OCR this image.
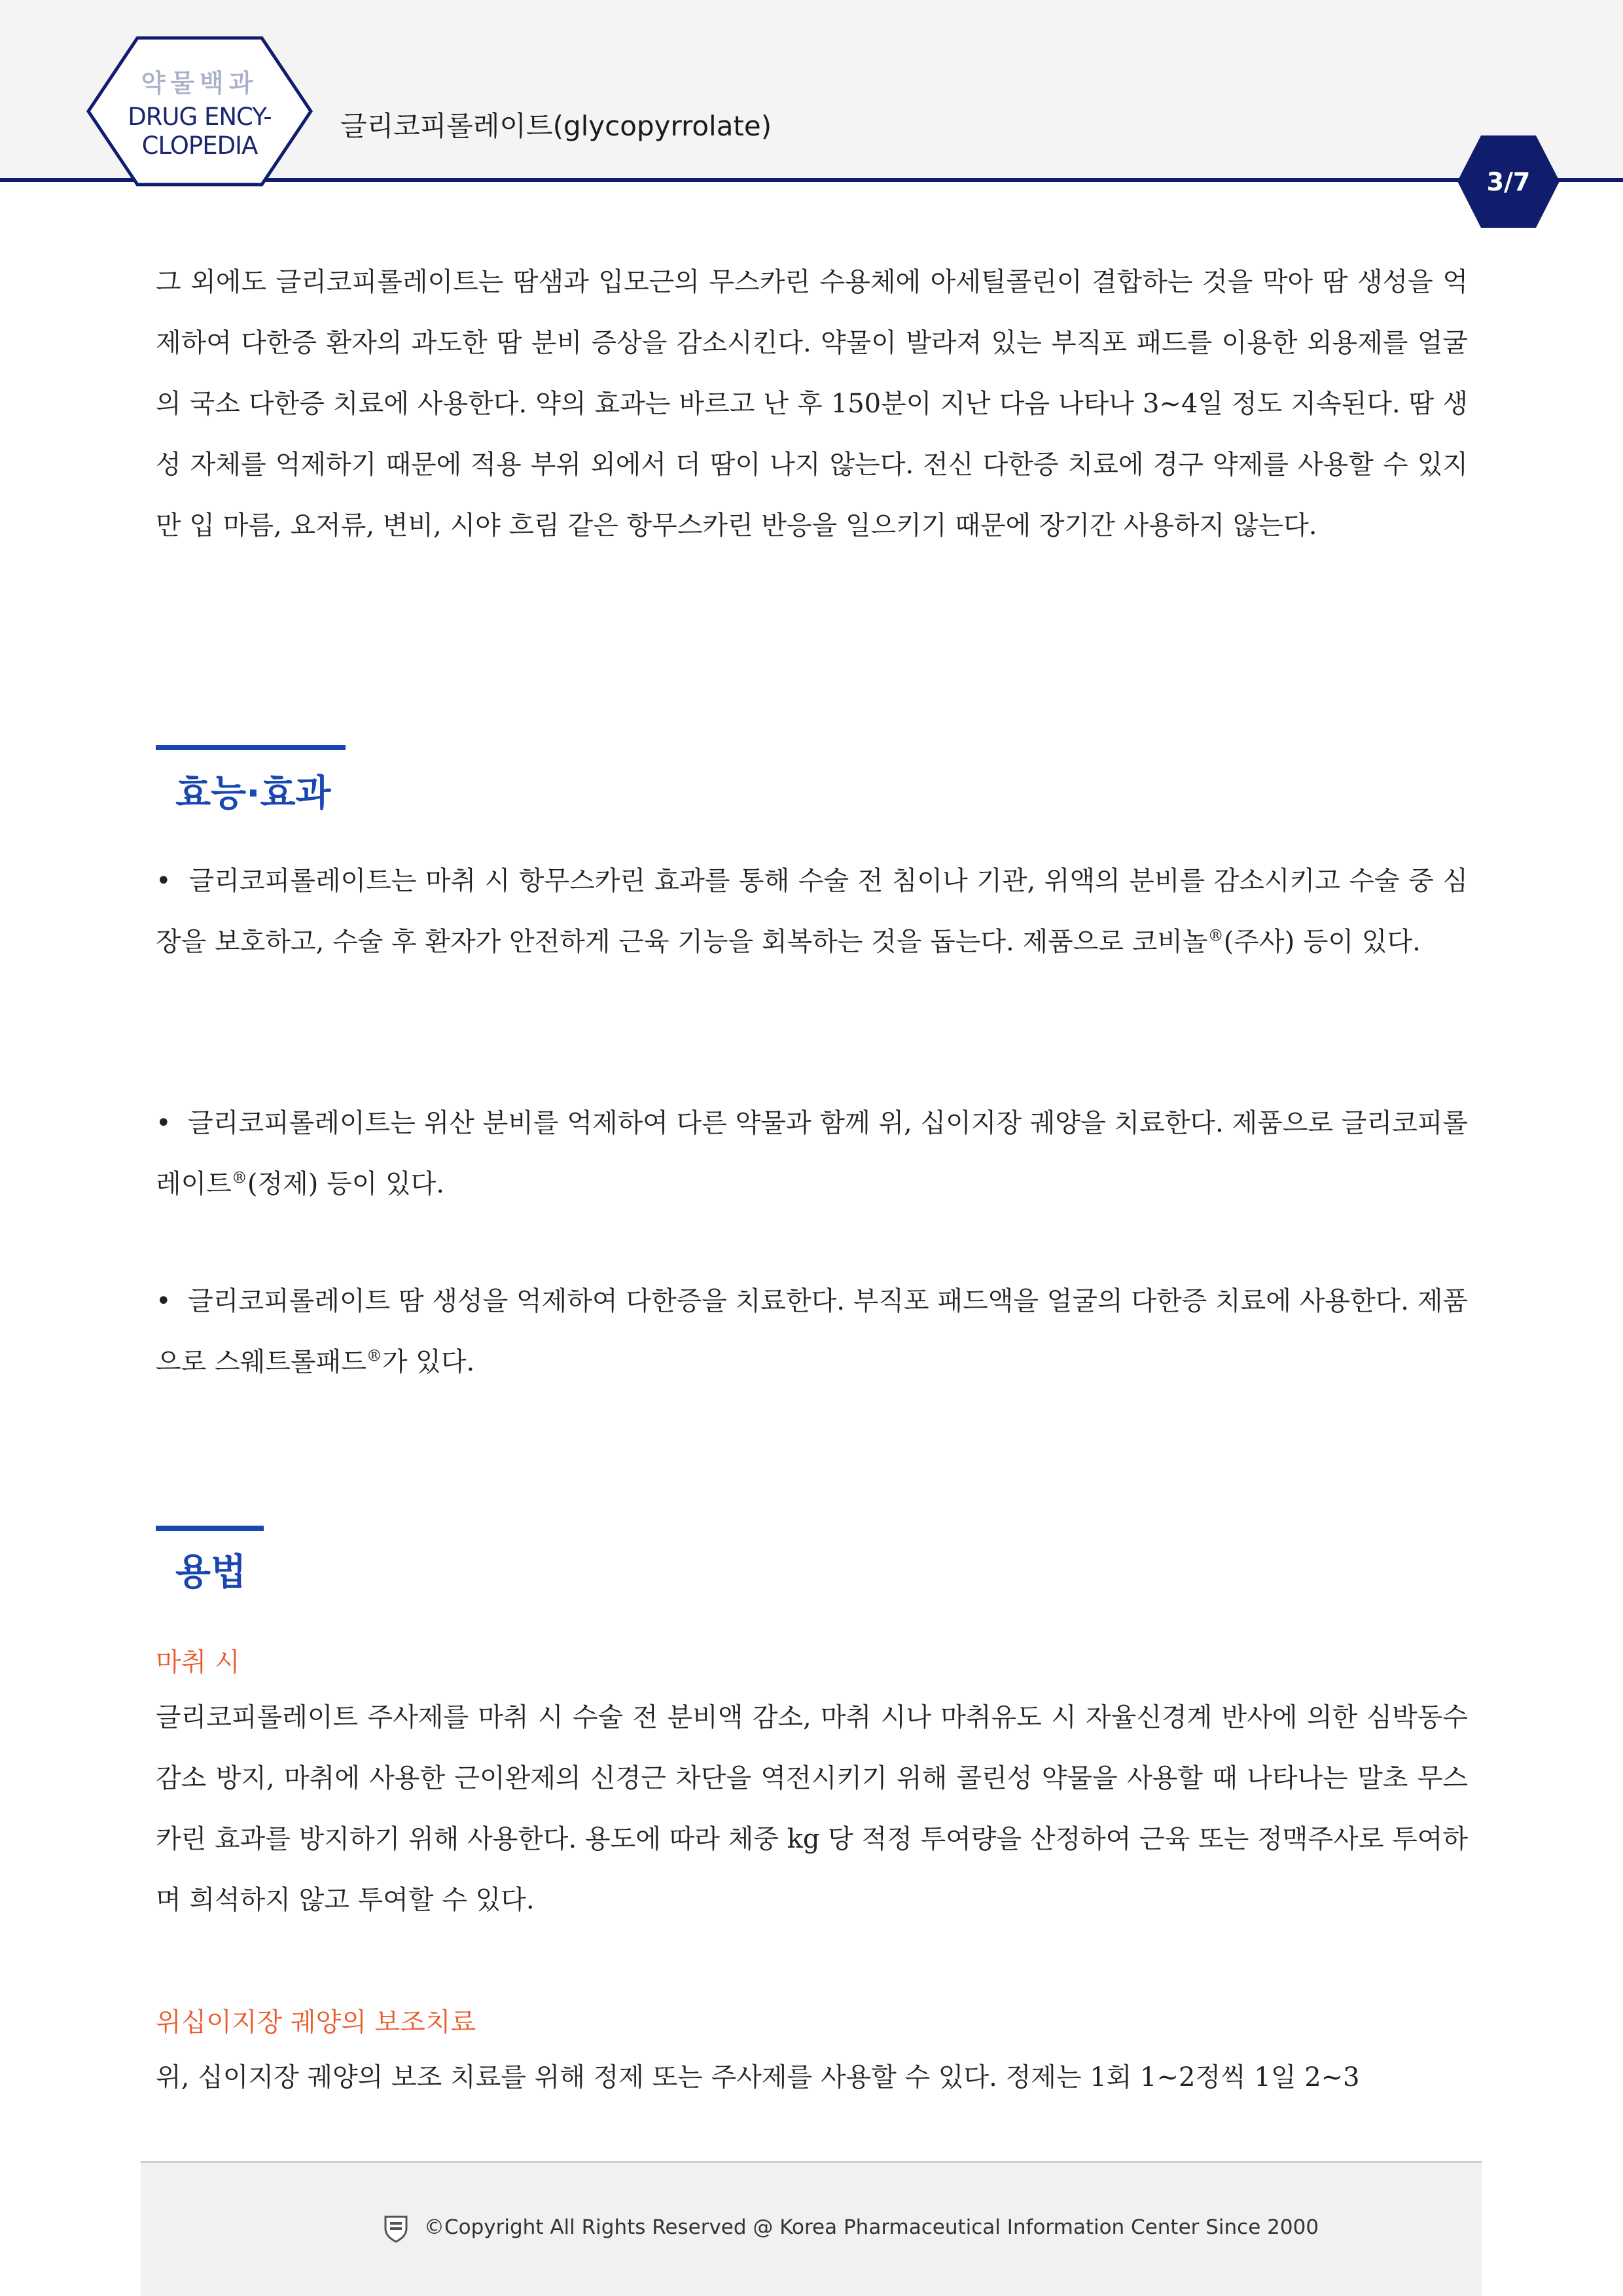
약물백과
DRUG ENCY-
CLOPEDIA
글리코피롤레이트(glycopyrrolate)
3/7

그 외에도 글리코피롤레이트는 땀샘과 입모근의 무스카린 수용체에 아세틸콜린이 결합하는 것을 막아 땀 생성을 억제하여 다한증 환자의 과도한 땀 분비 증상을 감소시킨다. 약물이 발라져 있는 부직포 패드를 이용한 외용제를 얼굴의 국소 다한증 치료에 사용한다. 약의 효과는 바르고 난 후 150분이 지난 다음 나타나 3~4일 정도 지속된다. 땀 생성 자체를 억제하기 때문에 적용 부위 외에서 더 땀이 나지 않는다. 전신 다한증 치료에 경구 약제를 사용할 수 있지만 입 마름, 요저류, 변비, 시야 흐림 같은 항무스카린 반응을 일으키기 때문에 장기간 사용하지 않는다.

효능·효과

• 글리코피롤레이트는 마취 시 항무스카린 효과를 통해 수술 전 침이나 기관, 위액의 분비를 감소시키고 수술 중 심장을 보호하고, 수술 후 환자가 안전하게 근육 기능을 회복하는 것을 돕는다. 제품으로 코비놀®(주사) 등이 있다.

• 글리코피롤레이트는 위산 분비를 억제하여 다른 약물과 함께 위, 십이지장 궤양을 치료한다. 제품으로 글리코피롤레이트®(정제) 등이 있다.

• 글리코피롤레이트 땀 생성을 억제하여 다한증을 치료한다. 부직포 패드액을 얼굴의 다한증 치료에 사용한다. 제품으로 스웨트롤패드®가 있다.

용법
마취 시

글리코피롤레이트 주사제를 마취 시 수술 전 분비액 감소, 마취 시나 마취유도 시 자율신경계 반사에 의한 심박동수 감소 방지, 마취에 사용한 근이완제의 신경근 차단을 역전시키기 위해 콜린성 약물을 사용할 때 나타나는 말초 무스카린 효과를 방지하기 위해 사용한다. 용도에 따라 체중 kg 당 적정 투여량을 산정하여 근육 또는 정맥주사로 투여하며 희석하지 않고 투여할 수 있다.

위십이지장 궤양의 보조치료

위, 십이지장 궤양의 보조 치료를 위해 정제 또는 주사제를 사용할 수 있다. 정제는 1회 1~2정씩 1일 2~3

©Copyright All Rights Reserved @ Korea Pharmaceutical Information Center Since 2000
